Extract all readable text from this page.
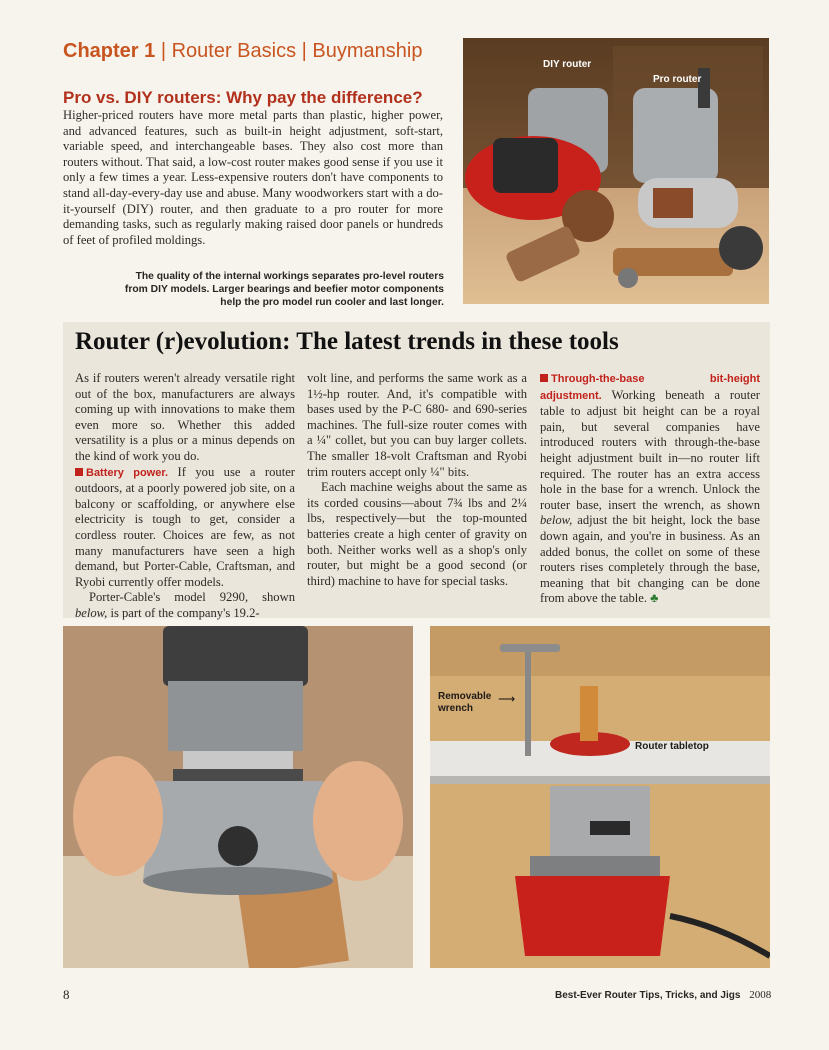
Chapter 1 | Router Basics | Buymanship
Pro vs. DIY routers: Why pay the difference?
Higher-priced routers have more metal parts than plastic, higher power, and advanced features, such as built-in height adjustment, soft-start, variable speed, and interchangeable bases. They also cost more than routers without. That said, a low-cost router makes good sense if you use it only a few times a year. Less-expensive routers don't have components to stand all-day-every-day use and abuse. Many woodworkers start with a do-it-yourself (DIY) router, and then graduate to a pro router for more demanding tasks, such as regularly making raised door panels or hundreds of feet of profiled moldings.
DIY router
Pro router
The quality of the internal workings separates pro-level routers from DIY models. Larger bearings and beefier motor components help the pro model run cooler and last longer.
Router (r)evolution: The latest trends in these tools

As if routers weren't already versatile right out of the box, manufacturers are always coming up with innovations to make them even more so. Whether this added versatility is a plus or a minus depends on the kind of work you do.

Battery power. If you use a router outdoors, at a poorly powered job site, on a balcony or scaffolding, or anywhere else electricity is tough to get, consider a cordless router. Choices are few, as not many manufacturers have seen a high demand, but Porter-Cable, Craftsman, and Ryobi currently offer models.

Porter-Cable's model 9290, shown below, is part of the company's 19.2-

volt line, and performs the same work as a 1½-hp router. And, it's compatible with bases used by the P-C 680- and 690-series machines. The full-size router comes with a ¼" collet, but you can buy larger collets. The smaller 18-volt Craftsman and Ryobi trim routers accept only ¼" bits.

Each machine weighs about the same as its corded cousins—about 7¾ lbs and 2¼ lbs, respectively—but the top-mounted batteries create a high center of gravity on both. Neither works well as a shop's only router, but might be a good second (or third) machine to have for special tasks.

Through-the-base bit-height adjustment. Working beneath a router table to adjust bit height can be a royal pain, but several companies have introduced routers with through-the-base height adjustment built in—no router lift required. The router has an extra access hole in the base for a wrench. Unlock the router base, insert the wrench, as shown below, adjust the bit height, lock the base down again, and you're in business. As an added bonus, the collet on some of these routers rises completely through the base, meaning that bit changing can be done from above the table. ♣

Removable wrench
⟶
Router tabletop
8	Best-Ever Router Tips, Tricks, and Jigs 2008
